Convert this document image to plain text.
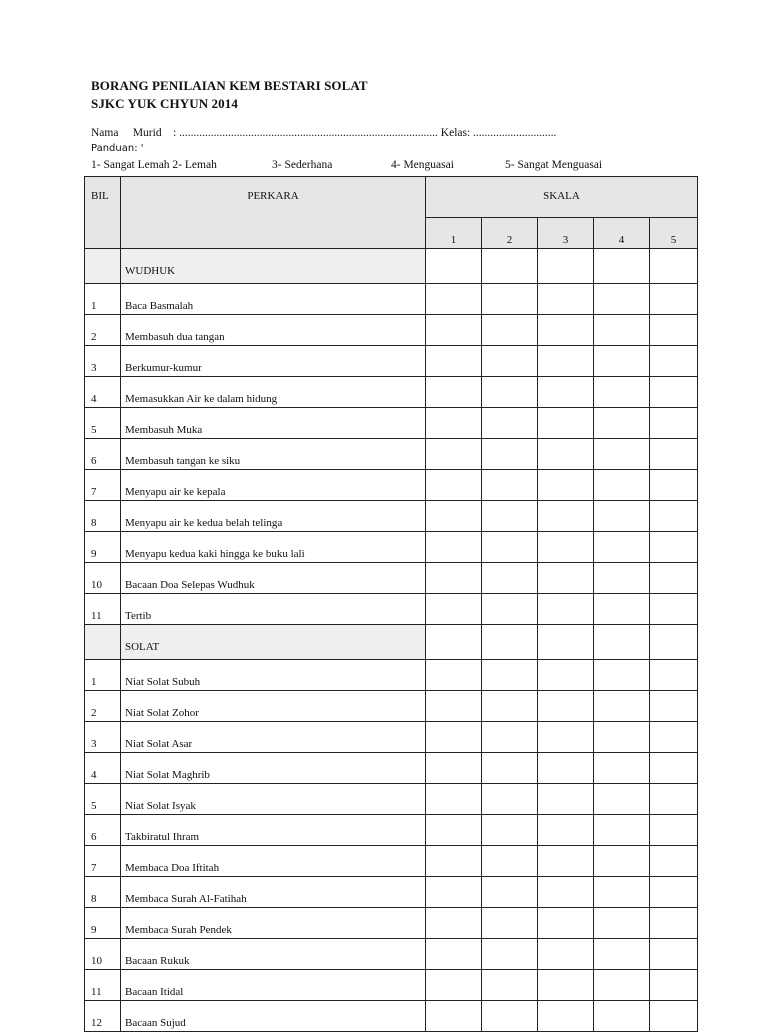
BORANG PENILAIAN KEM BESTARI SOLAT
SJKC YUK CHYUN 2014
Nama     Murid    : .......................................................................................... Kelas: .............................
Panduan: '
1- Sangat Lemah 2- Lemah	3- Sederhana	4- Menguasai	5- Sangat Menguasai
BIL	PERKARA	SKALA				
		1	2	3	4	5
	WUDHUK					
1	Baca Basmalah					
2	Membasuh dua tangan					
3	Berkumur-kumur					
4	Memasukkan Air ke dalam hidung					
5	Membasuh Muka					
6	Membasuh tangan ke siku					
7	Menyapu air ke kepala					
8	Menyapu air ke kedua belah telinga					
9	Menyapu kedua kaki hingga ke buku lali					
10	Bacaan Doa Selepas Wudhuk					
11	Tertib					
	SOLAT					
1	Niat Solat Subuh					
2	Niat Solat Zohor					
3	Niat Solat Asar					
4	Niat Solat Maghrib					
5	Niat Solat Isyak					
6	Takbiratul Ihram					
7	Membaca Doa Iftitah					
8	Membaca Surah Al-Fatihah					
9	Membaca Surah Pendek					
10	Bacaan Rukuk					
11	Bacaan Itidal					
12	Bacaan Sujud					
